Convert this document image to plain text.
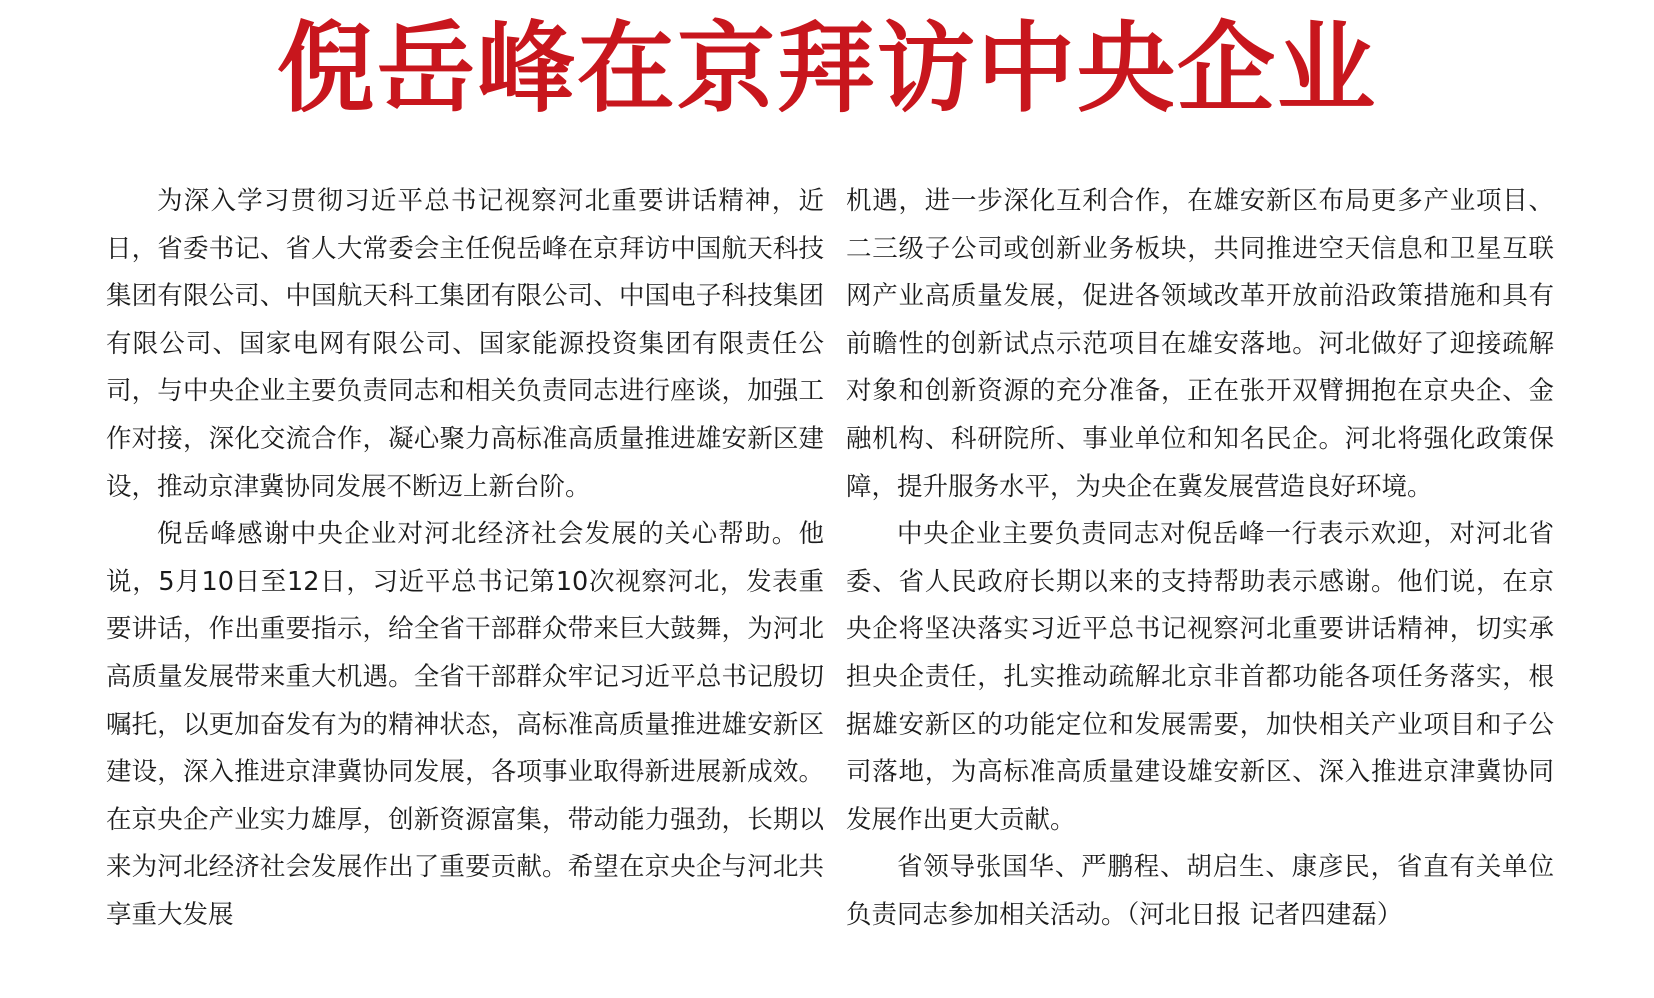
倪岳峰在京拜访中央企业

为深入学习贯彻习近平总书记视察河北重要讲话精神，近日，省委书记、省人大常委会主任倪岳峰在京拜访中国航天科技集团有限公司、中国航天科工集团有限公司、中国电子科技集团有限公司、国家电网有限公司、国家能源投资集团有限责任公司，与中央企业主要负责同志和相关负责同志进行座谈，加强工作对接，深化交流合作，凝心聚力高标准高质量推进雄安新区建设，推动京津冀协同发展不断迈上新台阶。

倪岳峰感谢中央企业对河北经济社会发展的关心帮助。他说，5月10日至12日，习近平总书记第10次视察河北，发表重要讲话，作出重要指示，给全省干部群众带来巨大鼓舞，为河北高质量发展带来重大机遇。全省干部群众牢记习近平总书记殷切嘱托，以更加奋发有为的精神状态，高标准高质量推进雄安新区建设，深入推进京津冀协同发展，各项事业取得新进展新成效。在京央企产业实力雄厚，创新资源富集，带动能力强劲，长期以来为河北经济社会发展作出了重要贡献。希望在京央企与河北共享重大发展

机遇，进一步深化互利合作，在雄安新区布局更多产业项目、二三级子公司或创新业务板块，共同推进空天信息和卫星互联网产业高质量发展，促进各领域改革开放前沿政策措施和具有前瞻性的创新试点示范项目在雄安落地。河北做好了迎接疏解对象和创新资源的充分准备，正在张开双臂拥抱在京央企、金融机构、科研院所、事业单位和知名民企。河北将强化政策保障，提升服务水平，为央企在冀发展营造良好环境。

中央企业主要负责同志对倪岳峰一行表示欢迎，对河北省委、省人民政府长期以来的支持帮助表示感谢。他们说，在京央企将坚决落实习近平总书记视察河北重要讲话精神，切实承担央企责任，扎实推动疏解北京非首都功能各项任务落实，根据雄安新区的功能定位和发展需要，加快相关产业项目和子公司落地，为高标准高质量建设雄安新区、深入推进京津冀协同发展作出更大贡献。

省领导张国华、严鹏程、胡启生、康彦民，省直有关单位负责同志参加相关活动。（河北日报 记者四建磊）
